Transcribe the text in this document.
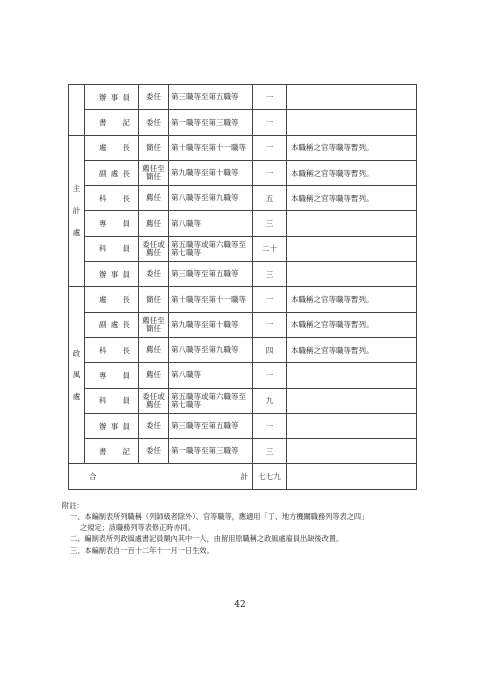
	辦事員	委任	第三職等至第五職等	一	
	書記	委任	第一職等至第三職等	一	

主
計
處	處長	簡任	第十職等至第十一職等	一	本職稱之官等職等暫列。
	副處長	薦任至簡任	第九職等至第十職等	一	本職稱之官等職等暫列。
	科長	薦任	第八職等至第九職等	五	本職稱之官等職等暫列。
	專員	薦任	第八職等	三	
	科員	委任或薦任	第五職等或第六職等至第七職等	二十	
	辦事員	委任	第三職等至第五職等	三	

政
風
處	處長	簡任	第十職等至第十一職等	一	本職稱之官等職等暫列。
	副處長	薦任至簡任	第九職等至第十職等	一	本職稱之官等職等暫列。
	科長	薦任	第八職等至第九職等	四	本職稱之官等職等暫列。
	專員	薦任	第八職等	一	
	科員	委任或薦任	第五職等或第六職等至第七職等	九	
	辦事員	委任	第三職等至第五職等	一	
	書記	委任	第一職等至第三職等	三	

合 計				七七九	

附註：

一、本編制表所列職稱（列師級者除外）、官等職等，應適用「丁、地方機關職務列等表之四」

之規定；該職務列等表修正時亦同。

二、編制表所列政風處書記員額內其中一人，由留用原職稱之政風處雇員出缺後改置。

三、本編制表自一百十二年十一月一日生效。

42
